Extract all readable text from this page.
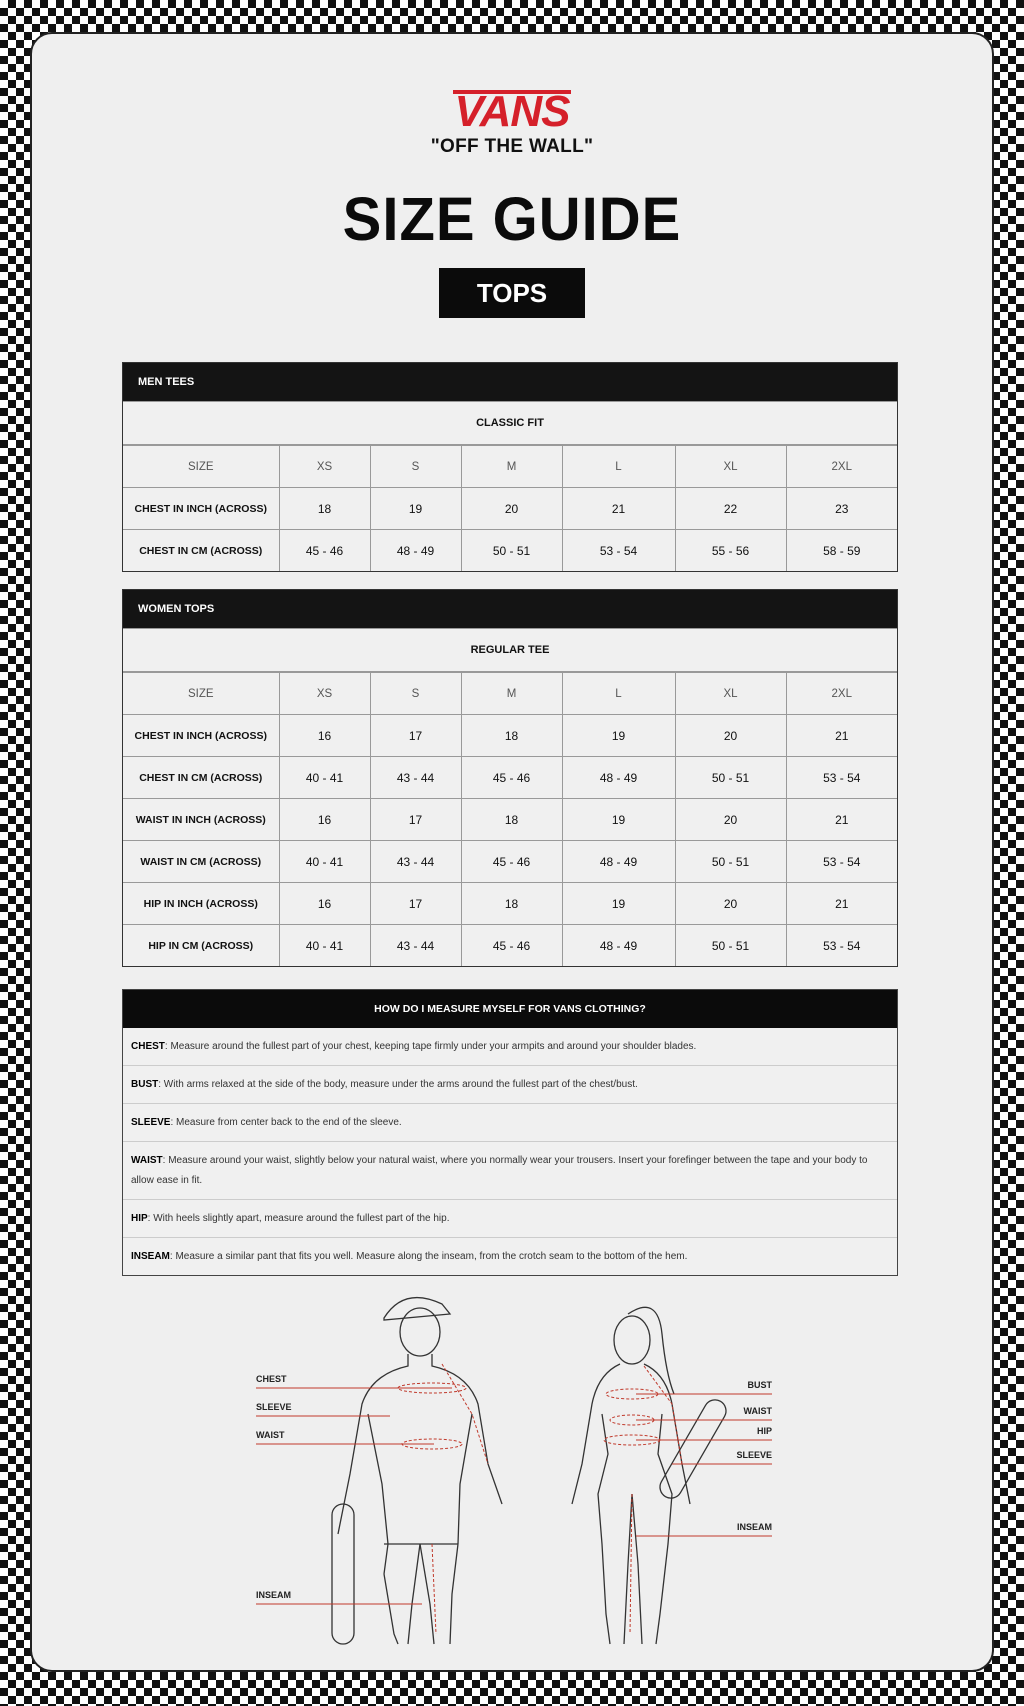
VANS
"OFF THE WALL"
SIZE GUIDE
TOPS
MEN TEES
CLASSIC FIT
SIZE	XS	S	M	L	XL	2XL
CHEST IN INCH (ACROSS)	18	19	20	21	22	23
CHEST IN CM (ACROSS)	45 - 46	48 - 49	50 - 51	53 - 54	55 - 56	58 - 59
WOMEN TOPS
REGULAR TEE
SIZE	XS	S	M	L	XL	2XL
CHEST IN INCH (ACROSS)	16	17	18	19	20	21
CHEST IN CM (ACROSS)	40 - 41	43 - 44	45 - 46	48 - 49	50 - 51	53 - 54
WAIST IN INCH (ACROSS)	16	17	18	19	20	21
WAIST IN CM (ACROSS)	40 - 41	43 - 44	45 - 46	48 - 49	50 - 51	53 - 54
HIP IN INCH (ACROSS)	16	17	18	19	20	21
HIP IN CM (ACROSS)	40 - 41	43 - 44	45 - 46	48 - 49	50 - 51	53 - 54
HOW DO I MEASURE MYSELF FOR VANS CLOTHING?
CHEST: Measure around the fullest part of your chest, keeping tape firmly under your armpits and around your shoulder blades.
BUST: With arms relaxed at the side of the body, measure under the arms around the fullest part of the chest/bust.
SLEEVE: Measure from center back to the end of the sleeve.
WAIST: Measure around your waist, slightly below your natural waist, where you normally wear your trousers. Insert your forefinger between the tape and your body to allow ease in fit.
HIP: With heels slightly apart, measure around the fullest part of the hip.
INSEAM: Measure a similar pant that fits you well. Measure along the inseam, from the crotch seam to the bottom of the hem.
CHEST
SLEEVE
WAIST
INSEAM
BUST
WAIST
HIP
SLEEVE
INSEAM
